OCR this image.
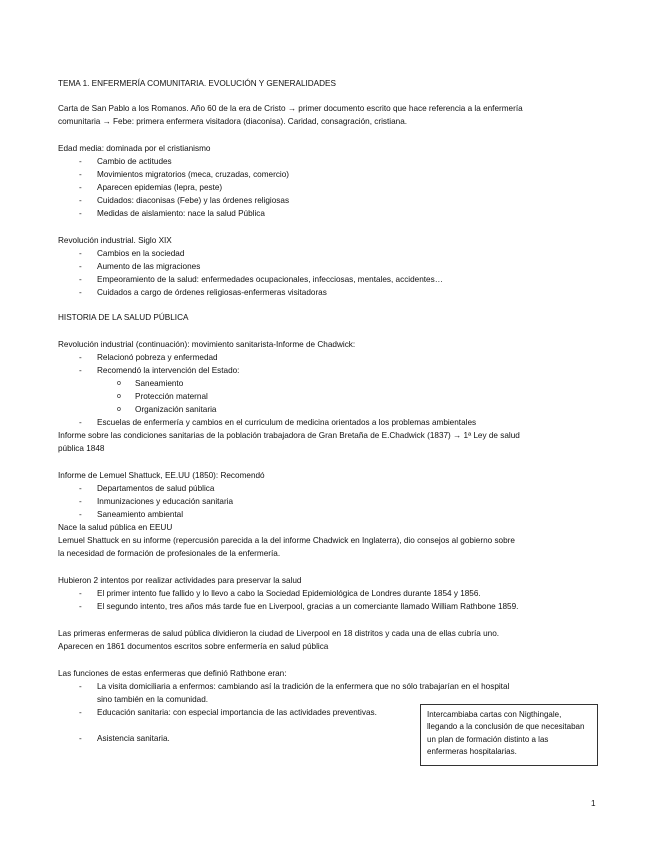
TEMA 1. ENFERMERÍA COMUNITARIA. EVOLUCIÓN Y GENERALIDADES
Carta de San Pablo a los Romanos. Año 60 de la era de Cristo → primer documento escrito que hace referencia a la enfermería
comunitaria → Febe: primera enfermera visitadora (diaconisa). Caridad, consagración, cristiana.
Edad media: dominada por el cristianismo
- Cambio de actitudes
- Movimientos migratorios (meca, cruzadas, comercio)
- Aparecen epidemias (lepra, peste)
- Cuidados: diaconisas (Febe) y las órdenes religiosas
- Medidas de aislamiento: nace la salud Pública
Revolución industrial. Siglo XIX
- Cambios en la sociedad
- Aumento de las migraciones
- Empeoramiento de la salud: enfermedades ocupacionales, infecciosas, mentales, accidentes…
- Cuidados a cargo de órdenes religiosas-enfermeras visitadoras
HISTORIA DE LA SALUD PÚBLICA
Revolución industrial (continuación): movimiento sanitarista-Informe de Chadwick:
- Relacionó pobreza y enfermedad
- Recomendó la intervención del Estado:
o Saneamiento
o Protección maternal
o Organización sanitaria
- Escuelas de enfermería y cambios en el curriculum de medicina orientados a los problemas ambientales
Informe sobre las condiciones sanitarias de la población trabajadora de Gran Bretaña de E.Chadwick (1837) → 1ª Ley de salud
pública 1848
Informe de Lemuel Shattuck, EE.UU (1850): Recomendó
- Departamentos de salud pública
- Inmunizaciones y educación sanitaria
- Saneamiento ambiental
Nace la salud pública en EEUU
Lemuel Shattuck en su informe (repercusión parecida a la del informe Chadwick en Inglaterra), dio consejos al gobierno sobre
la necesidad de formación de profesionales de la enfermería.
Hubieron 2 intentos por realizar actividades para preservar la salud
- El primer intento fue fallido y lo llevo a cabo la Sociedad Epidemiológica de Londres durante 1854 y 1856.
- El segundo intento, tres años más tarde fue en Liverpool, gracias a un comerciante llamado William Rathbone 1859.
Las primeras enfermeras de salud pública dividieron la ciudad de Liverpool en 18 distritos y cada una de ellas cubría uno.
Aparecen en 1861 documentos escritos sobre enfermería en salud pública
Las funciones de estas enfermeras que definió Rathbone eran:
- La visita domiciliaria a enfermos: cambiando así la tradición de la enfermera que no sólo trabajarían en el hospital
sino también en la comunidad.
- Educación sanitaria: con especial importancia de las actividades preventivas.
- Asistencia sanitaria.
Intercambiaba cartas con Nigthingale, llegando a la conclusión de que necesitaban un plan de formación distinto a las enfermeras hospitalarias.
1
